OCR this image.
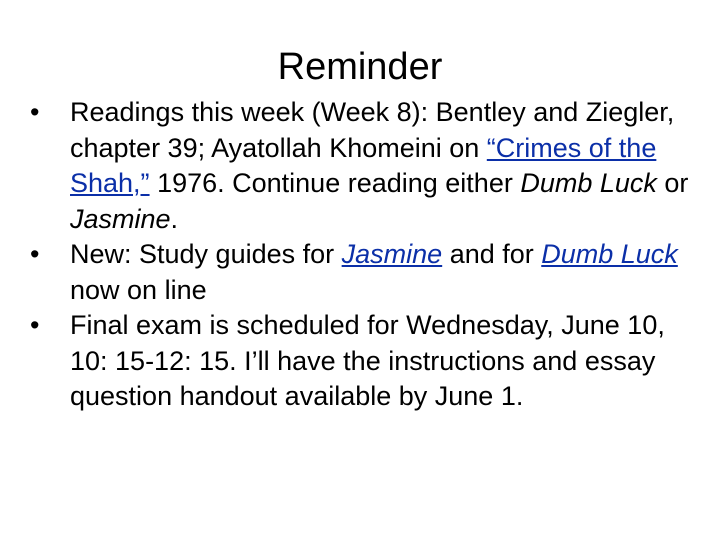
Reminder
• Readings this week (Week 8): Bentley and Ziegler, chapter 39; Ayatollah Khomeini on “Crimes of the Shah,” 1976. Continue reading either Dumb Luck or Jasmine.
• New: Study guides for Jasmine and for Dumb Luck now on line
• Final exam is scheduled for Wednesday, June 10, 10: 15-12: 15. I’ll have the instructions and essay question handout available by June 1.
